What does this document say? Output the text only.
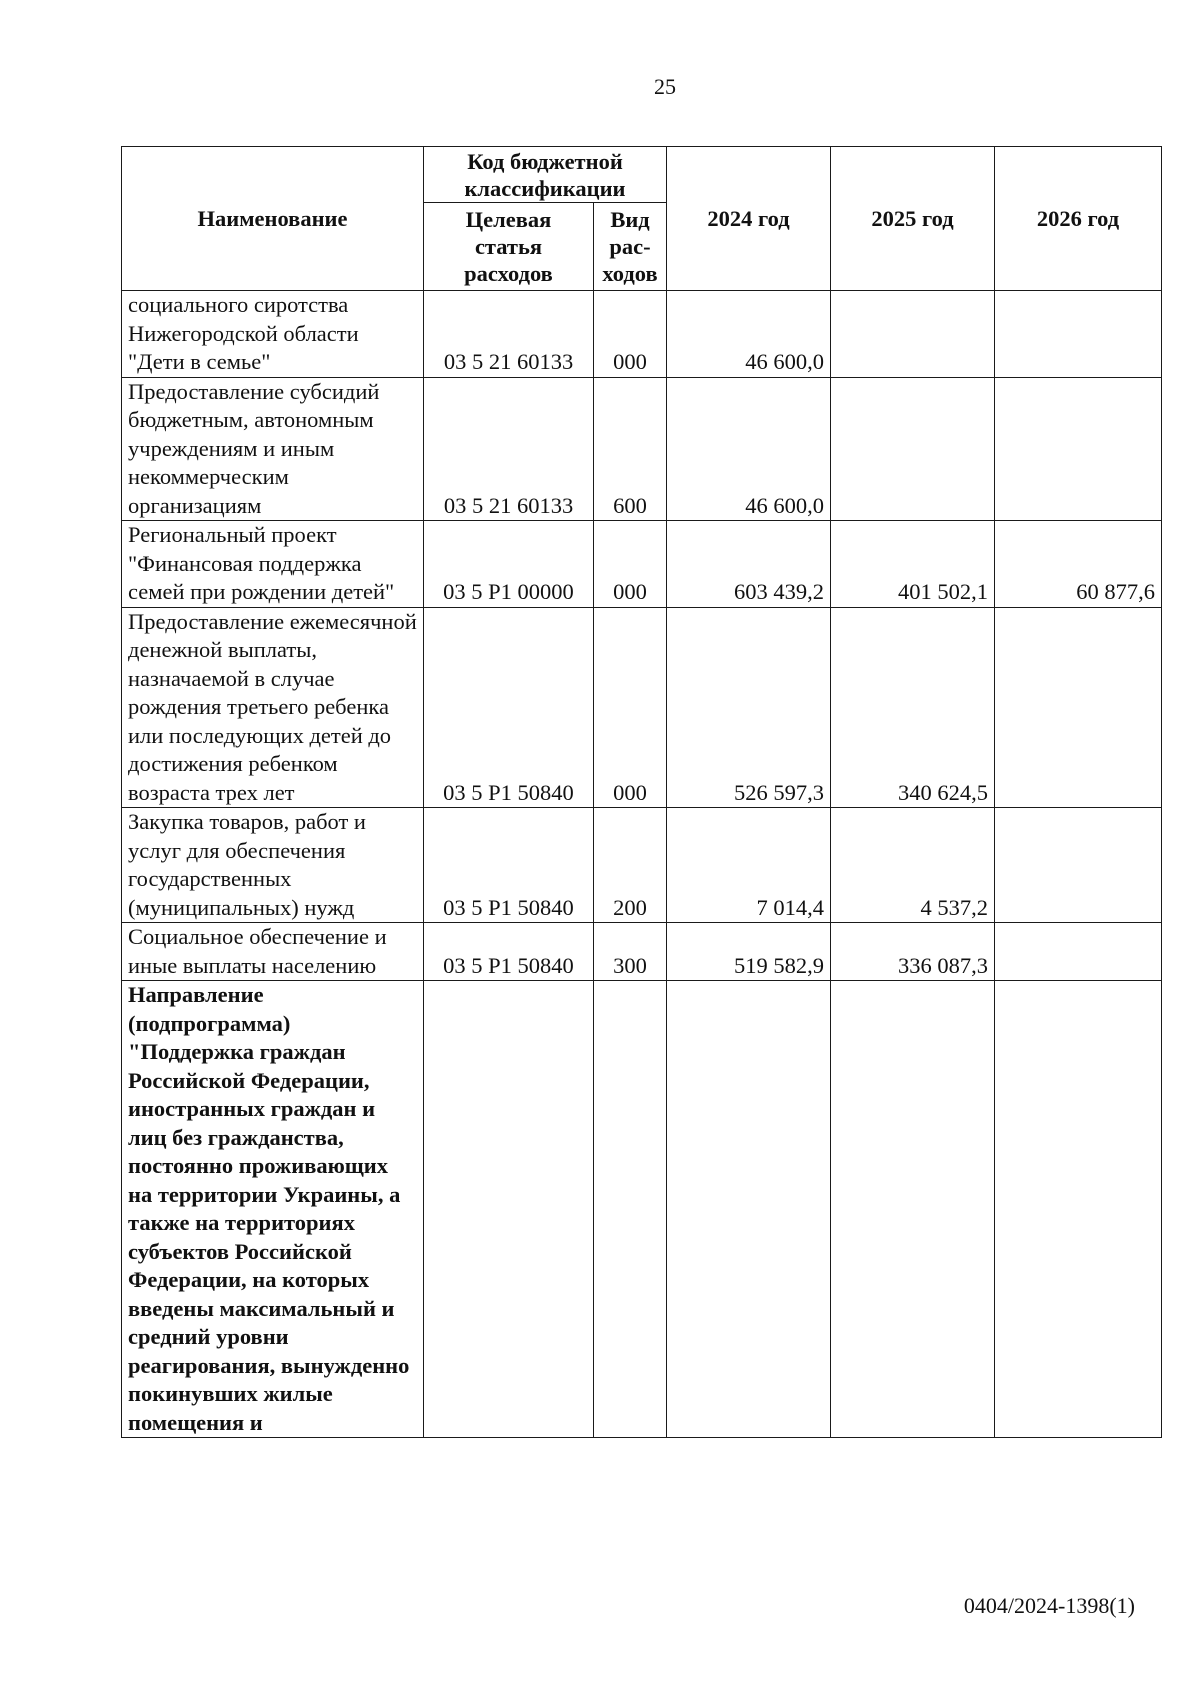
25
Наименование	Код бюджетной классификации		2024 год	2025 год	2026 год
	Целевая статья расходов	Вид рас-ходов			
социального сиротства Нижегородской области "Дети в семье"	03 5 21 60133	000	46 600,0		
Предоставление субсидий бюджетным, автономным учреждениям и иным некоммерческим организациям	03 5 21 60133	600	46 600,0		
Региональный проект "Финансовая поддержка семей при рождении детей"	03 5 P1 00000	000	603 439,2	401 502,1	60 877,6
Предоставление ежемесячной денежной выплаты, назначаемой в случае рождения третьего ребенка или последующих детей до достижения ребенком возраста трех лет	03 5 P1 50840	000	526 597,3	340 624,5	
Закупка товаров, работ и услуг для обеспечения государственных (муниципальных) нужд	03 5 P1 50840	200	7 014,4	4 537,2	
Социальное обеспечение и иные выплаты населению	03 5 P1 50840	300	519 582,9	336 087,3	
Направление (подпрограмма) "Поддержка граждан Российской Федерации, иностранных граждан и лиц без гражданства, постоянно проживающих на территории Украины, а также на территориях субъектов Российской Федерации, на которых введены максимальный и средний уровни реагирования, вынужденно покинувших жилые помещения и					
0404/2024-1398(1)
